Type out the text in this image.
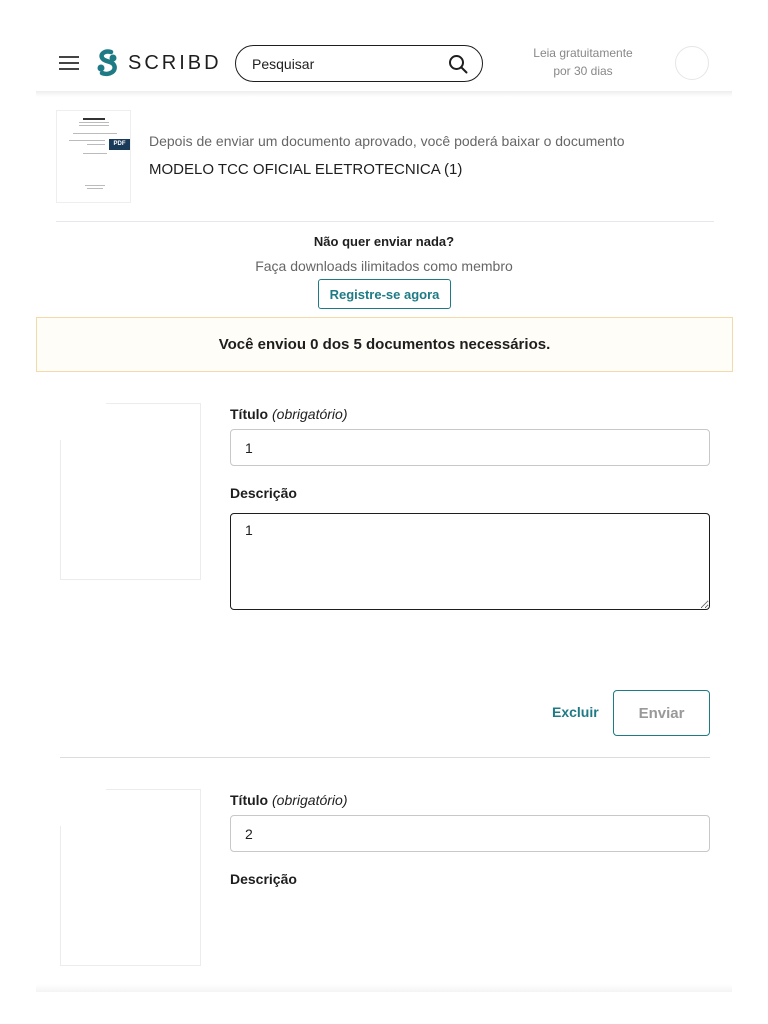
SCRIBD
Pesquisar	Leia gratuitamente
por 30 dias
PDF	Depois de enviar um documento aprovado, você poderá baixar o documento
MODELO TCC OFICIAL ELETROTECNICA (1)
Não quer enviar nada?
Faça downloads ilimitados como membro
Registre-se agora
Você enviou 0 dos 5 documentos necessários.
Título (obrigatório)
1
Descrição
1
Excluir	Enviar
Título (obrigatório)
2
Descrição
